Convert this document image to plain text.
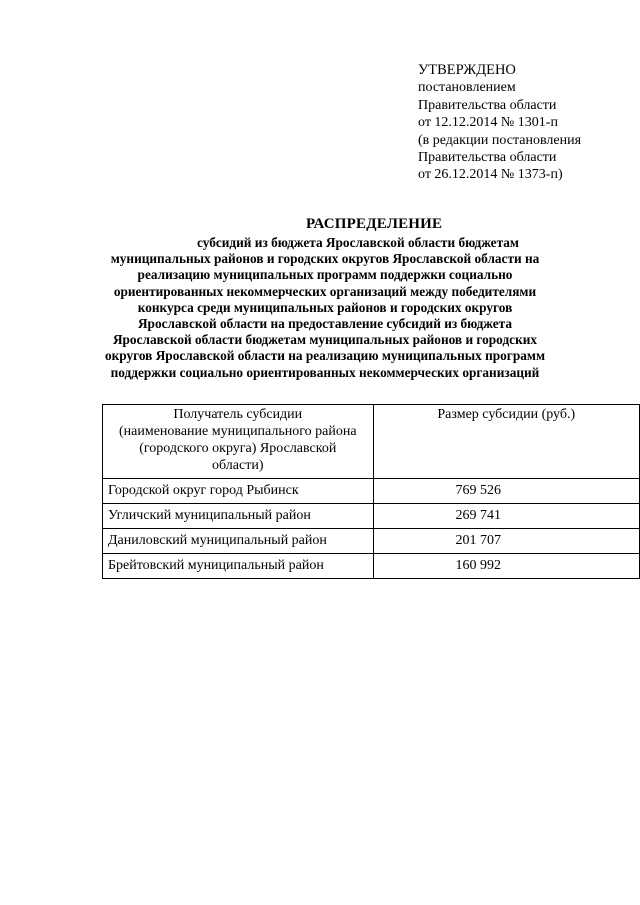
УТВЕРЖДЕНО
постановлением
Правительства области
от 12.12.2014 № 1301-п
(в редакции постановления
Правительства области
от 26.12.2014 № 1373-п)
РАСПРЕДЕЛЕНИЕ
субсидий из бюджета Ярославской области бюджетам
муниципальных районов и городских округов Ярославской области на
реализацию муниципальных программ поддержки социально
ориентированных некоммерческих организаций между победителями
конкурса среди муниципальных районов и городских округов
Ярославской области на предоставление субсидий из бюджета
Ярославской области бюджетам муниципальных районов и городских
округов Ярославской области на реализацию муниципальных программ
поддержки социально ориентированных некоммерческих организаций
Получатель субсидии
(наименование муниципального района
(городского округа) Ярославской
области)	Размер субсидии (руб.)
Городской округ город Рыбинск	769 526
Угличский муниципальный район	269 741
Даниловский муниципальный район	201 707
Брейтовский муниципальный район	160 992
